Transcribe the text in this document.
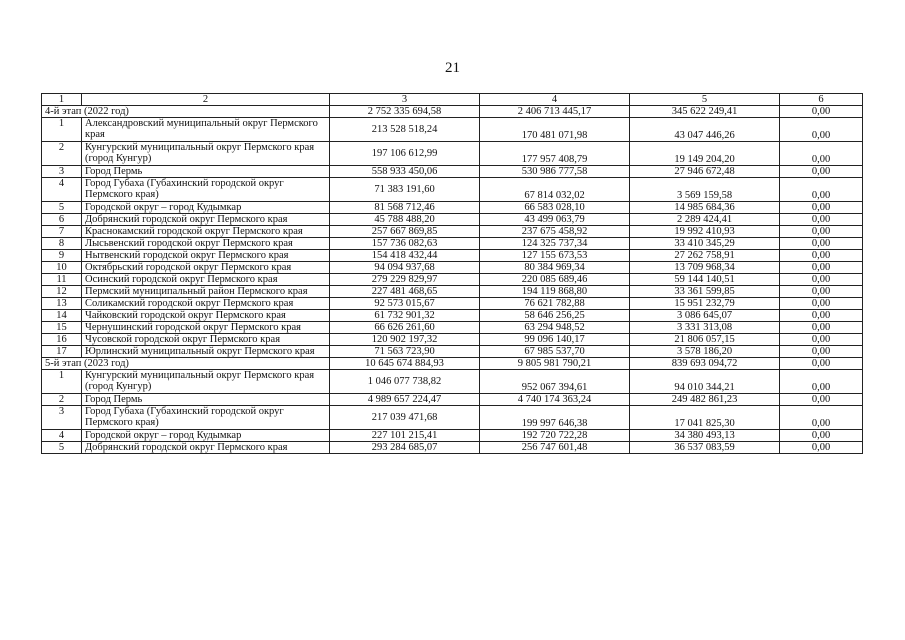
21
1	2	3	4	5	6
4-й этап (2022 год)		2 752 335 694,58	2 406 713 445,17	345 622 249,41	0,00
1	Александровский муниципальный округ Пермского края	213 528 518,24	170 481 071,98	43 047 446,26	0,00
2	Кунгурский муниципальный округ Пермского края (город Кунгур)	197 106 612,99	177 957 408,79	19 149 204,20	0,00
3	Город Пермь	558 933 450,06	530 986 777,58	27 946 672,48	0,00
4	Город Губаха (Губахинский городской округ Пермского края)	71 383 191,60	67 814 032,02	3 569 159,58	0,00
5	Городской округ – город Кудымкар	81 568 712,46	66 583 028,10	14 985 684,36	0,00
6	Добрянский городской округ Пермского края	45 788 488,20	43 499 063,79	2 289 424,41	0,00
7	Краснокамский городской округ Пермского края	257 667 869,85	237 675 458,92	19 992 410,93	0,00
8	Лысьвенский городской округ Пермского края	157 736 082,63	124 325 737,34	33 410 345,29	0,00
9	Нытвенский городской округ Пермского края	154 418 432,44	127 155 673,53	27 262 758,91	0,00
10	Октябрьский городской округ Пермского края	94 094 937,68	80 384 969,34	13 709 968,34	0,00
11	Осинский городской округ Пермского края	279 229 829,97	220 085 689,46	59 144 140,51	0,00
12	Пермский муниципальный район Пермского края	227 481 468,65	194 119 868,80	33 361 599,85	0,00
13	Соликамский городской округ Пермского края	92 573 015,67	76 621 782,88	15 951 232,79	0,00
14	Чайковский городской округ Пермского края	61 732 901,32	58 646 256,25	3 086 645,07	0,00
15	Чернушинский городской округ Пермского края	66 626 261,60	63 294 948,52	3 331 313,08	0,00
16	Чусовской городской округ Пермского края	120 902 197,32	99 096 140,17	21 806 057,15	0,00
17	Юрлинский муниципальный округ Пермского края	71 563 723,90	67 985 537,70	3 578 186,20	0,00
5-й этап (2023 год)		10 645 674 884,93	9 805 981 790,21	839 693 094,72	0,00
1	Кунгурский муниципальный округ Пермского края (город Кунгур)	1 046 077 738,82	952 067 394,61	94 010 344,21	0,00
2	Город Пермь	4 989 657 224,47	4 740 174 363,24	249 482 861,23	0,00
3	Город Губаха (Губахинский городской округ Пермского края)	217 039 471,68	199 997 646,38	17 041 825,30	0,00
4	Городской округ – город Кудымкар	227 101 215,41	192 720 722,28	34 380 493,13	0,00
5	Добрянский городской округ Пермского края	293 284 685,07	256 747 601,48	36 537 083,59	0,00
